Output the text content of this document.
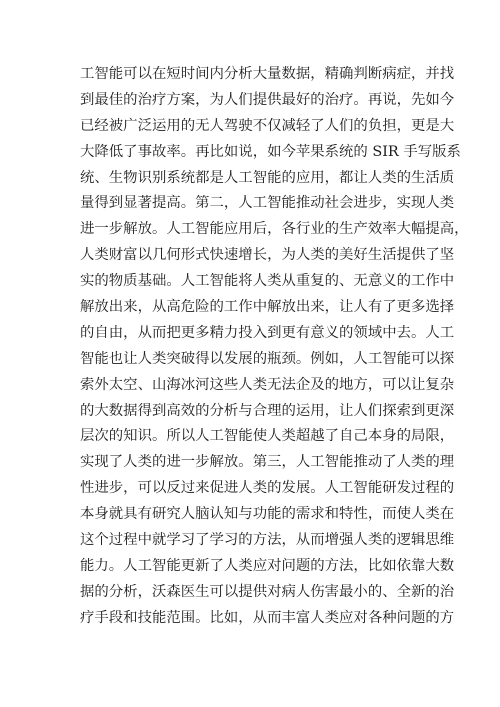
工智能可以在短时间内分析大量数据，精确判断病症，并找
到最佳的治疗方案，为人们提供最好的治疗。再说，先如今
已经被广泛运用的无人驾驶不仅减轻了人们的负担，更是大
大降低了事故率。再比如说，如今苹果系统的 SIR 手写版系
统、生物识别系统都是人工智能的应用，都让人类的生活质
量得到显著提高。第二，人工智能推动社会进步，实现人类
进一步解放。人工智能应用后，各行业的生产效率大幅提高，
人类财富以几何形式快速增长，为人类的美好生活提供了坚
实的物质基础。人工智能将人类从重复的、无意义的工作中
解放出来，从高危险的工作中解放出来，让人有了更多选择
的自由，从而把更多精力投入到更有意义的领域中去。人工
智能也让人类突破得以发展的瓶颈。例如，人工智能可以探
索外太空、山海冰河这些人类无法企及的地方，可以让复杂
的大数据得到高效的分析与合理的运用，让人们探索到更深
层次的知识。所以人工智能使人类超越了自己本身的局限，
实现了人类的进一步解放。第三，人工智能推动了人类的理
性进步，可以反过来促进人类的发展。人工智能研发过程的
本身就具有研究人脑认知与功能的需求和特性，而使人类在
这个过程中就学习了学习的方法，从而增强人类的逻辑思维
能力。人工智能更新了人类应对问题的方法，比如依靠大数
据的分析，沃森医生可以提供对病人伤害最小的、全新的治
疗手段和技能范围。比如，从而丰富人类应对各种问题的方
